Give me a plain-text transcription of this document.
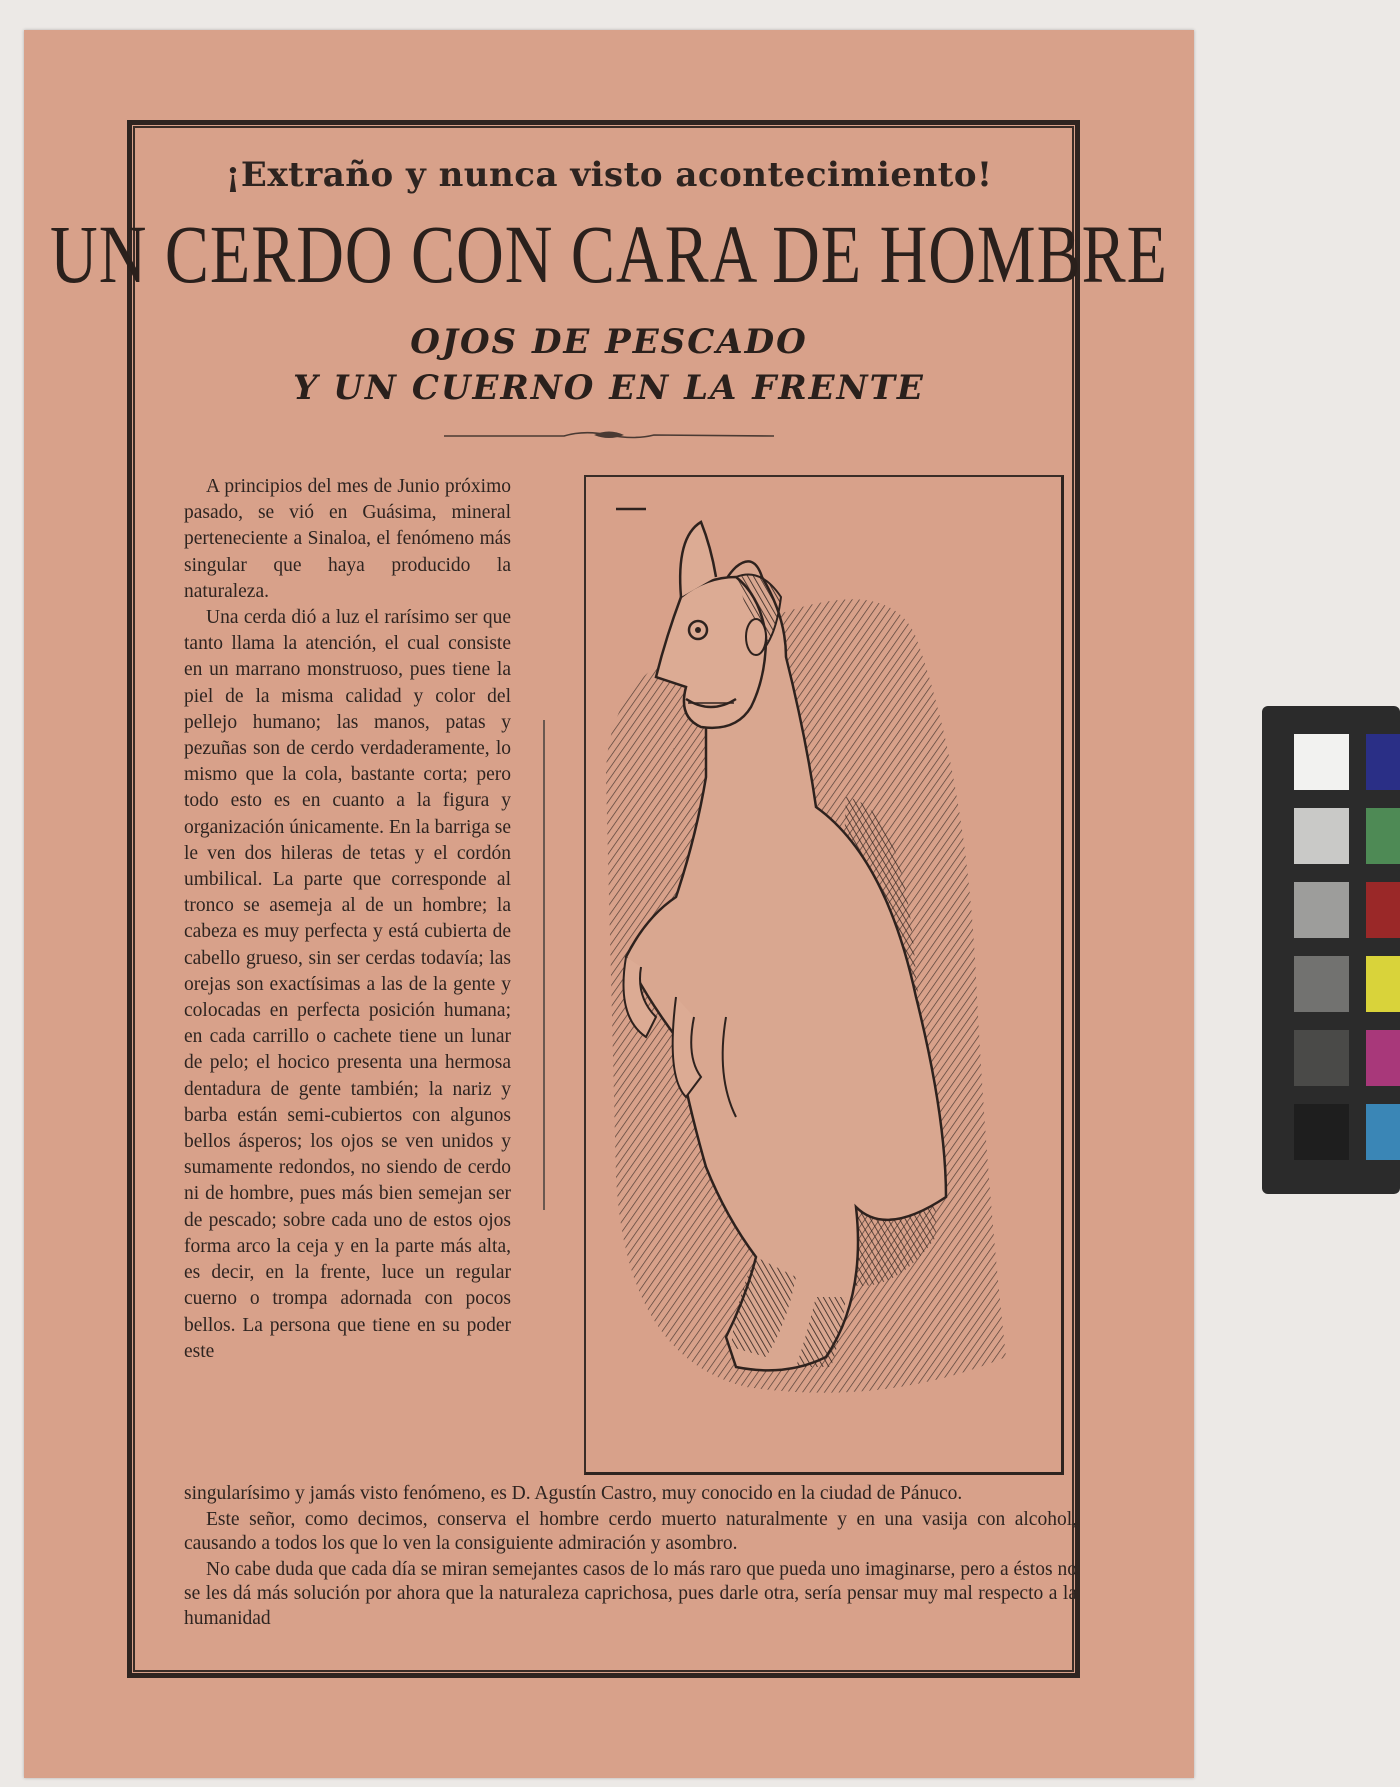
¡Extraño y nunca visto acontecimiento!
UN CERDO CON CARA DE HOMBRE
OJOS DE PESCADO
Y UN CUERNO EN LA FRENTE

A principios del mes de Junio próximo pasado, se vió en Guásima, mineral perteneciente a Sinaloa, el fenómeno más singular que haya producido la naturaleza.

Una cerda dió a luz el rarísimo ser que tanto llama la atención, el cual consiste en un marrano monstruoso, pues tiene la piel de la misma calidad y color del pellejo humano; las manos, patas y pezuñas son de cerdo verdaderamente, lo mismo que la cola, bastante corta; pero todo esto es en cuanto a la figura y organización únicamente. En la barriga se le ven dos hileras de tetas y el cordón umbilical. La parte que corresponde al tronco se asemeja al de un hombre; la cabeza es muy perfecta y está cubierta de cabello grueso, sin ser cerdas todavía; las orejas son exactísimas a las de la gente y colocadas en perfecta posición humana; en cada carrillo o cachete tiene un lunar de pelo; el hocico presenta una hermosa dentadura de gente también; la nariz y barba están semi-cubiertos con algunos bellos ásperos; los ojos se ven unidos y sumamente redondos, no siendo de cerdo ni de hombre, pues más bien semejan ser de pescado; sobre cada uno de estos ojos forma arco la ceja y en la parte más alta, es decir, en la frente, luce un regular cuerno o trompa adornada con pocos bellos. La persona que tiene en su poder este

singularísimo y jamás visto fenómeno, es D. Agustín Castro, muy conocido en la ciudad de Pánuco.

Este señor, como decimos, conserva el hombre cerdo muerto naturalmente y en una vasija con alcohol, causando a todos los que lo ven la consiguiente admiración y asombro.

No cabe duda que cada día se miran semejantes casos de lo más raro que pueda uno imaginarse, pero a éstos no se les dá más solución por ahora que la naturaleza caprichosa, pues darle otra, sería pensar muy mal respecto a la humanidad
